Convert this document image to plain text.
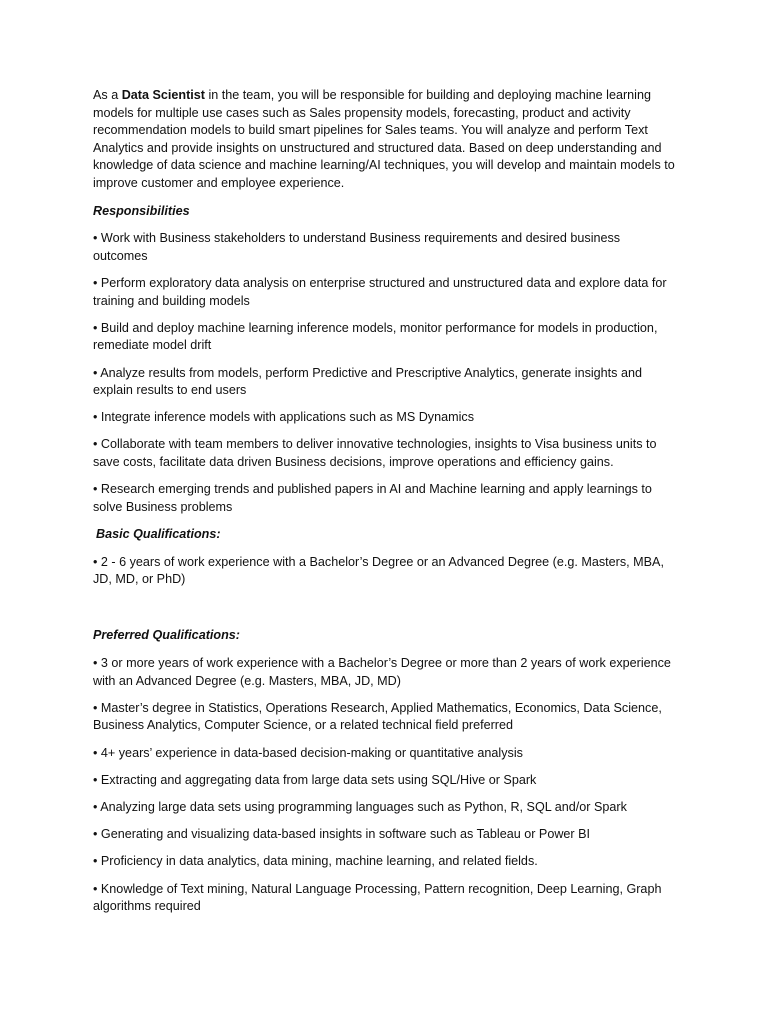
As a Data Scientist in the team, you will be responsible for building and deploying machine learning models for multiple use cases such as Sales propensity models, forecasting, product and activity recommendation models to build smart pipelines for Sales teams. You will analyze and perform Text Analytics and provide insights on unstructured and structured data. Based on deep understanding and knowledge of data science and machine learning/AI techniques, you will develop and maintain models to improve customer and employee experience.

Responsibilities

• Work with Business stakeholders to understand Business requirements and desired business outcomes

• Perform exploratory data analysis on enterprise structured and unstructured data and explore data for training and building models

• Build and deploy machine learning inference models, monitor performance for models in production, remediate model drift

• Analyze results from models, perform Predictive and Prescriptive Analytics, generate insights and explain results to end users

• Integrate inference models with applications such as MS Dynamics

• Collaborate with team members to deliver innovative technologies, insights to Visa business units to save costs, facilitate data driven Business decisions, improve operations and efficiency gains.

• Research emerging trends and published papers in AI and Machine learning and apply learnings to solve Business problems

Basic Qualifications:

• 2 - 6 years of work experience with a Bachelor’s Degree or an Advanced Degree (e.g. Masters, MBA, JD, MD, or PhD)

Preferred Qualifications:

• 3 or more years of work experience with a Bachelor’s Degree or more than 2 years of work experience with an Advanced Degree (e.g. Masters, MBA, JD, MD)

• Master’s degree in Statistics, Operations Research, Applied Mathematics, Economics, Data Science, Business Analytics, Computer Science, or a related technical field preferred

• 4+ years’ experience in data-based decision-making or quantitative analysis

• Extracting and aggregating data from large data sets using SQL/Hive or Spark

• Analyzing large data sets using programming languages such as Python, R, SQL and/or Spark

• Generating and visualizing data-based insights in software such as Tableau or Power BI

• Proficiency in data analytics, data mining, machine learning, and related fields.

• Knowledge of Text mining, Natural Language Processing, Pattern recognition, Deep Learning, Graph algorithms required
